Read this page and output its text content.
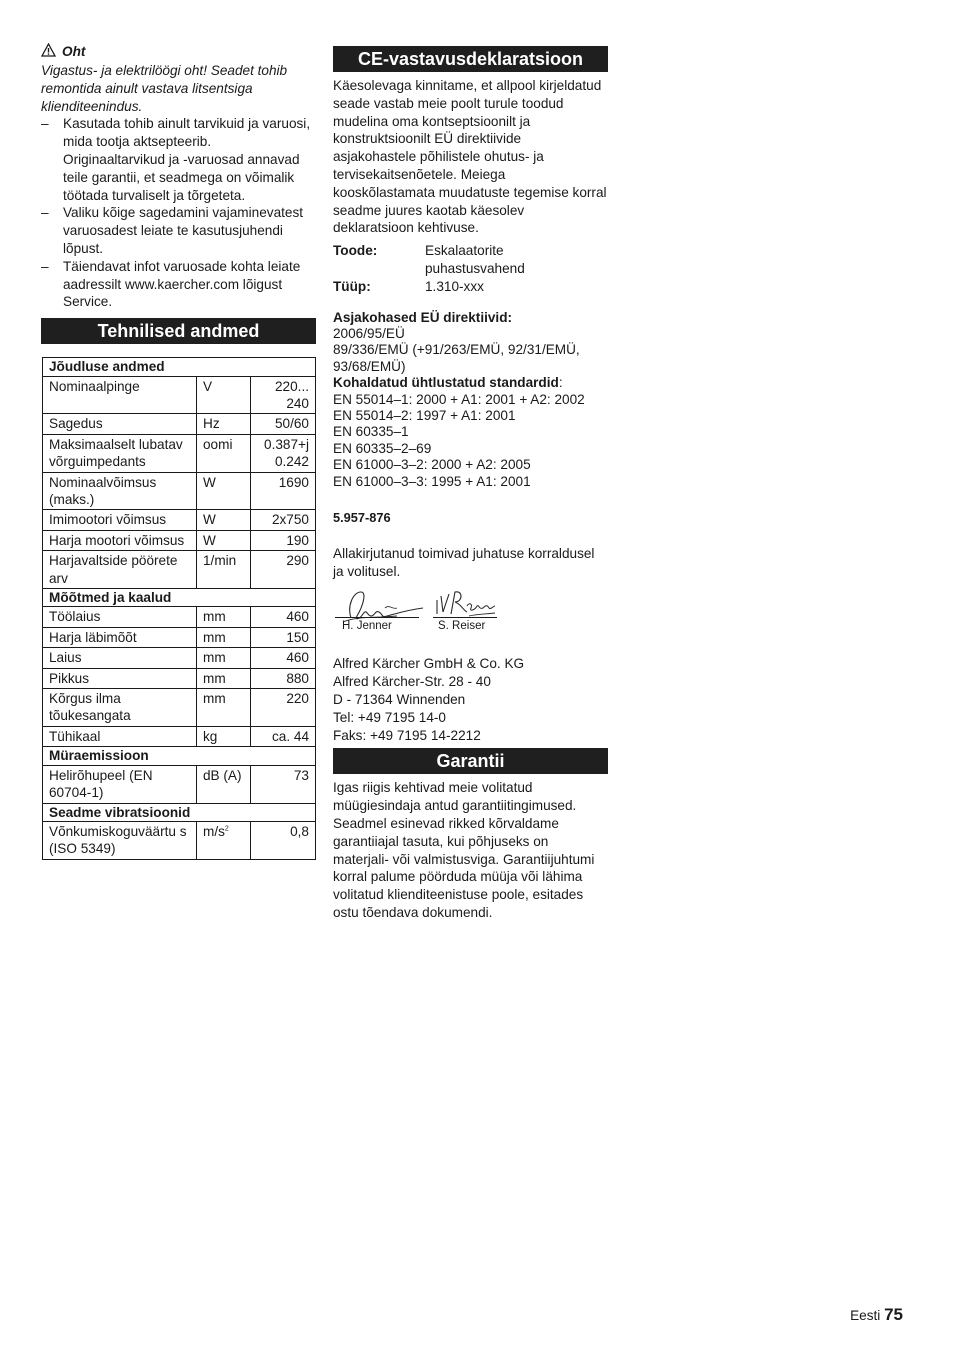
Oht

Vigastus- ja elektrilöögi oht! Seadet tohib remontida ainult vastava litsentsiga klienditeenindus.

– Kasutada tohib ainult tarvikuid ja varuosi, mida tootja aktsepteerib. Originaaltarvikud ja -varuosad annavad teile garantii, et seadmega on võimalik töötada turvaliselt ja tõrgeteta.
– Valiku kõige sagedamini vajaminevatest varuosadest leiate te kasutusjuhendi lõpust.
– Täiendavat infot varuosade kohta leiate aadressilt www.kaercher.com lõigust Service.
Tehnilised andmed
Jõudluse andmed		
Nominaalpinge	V	220... 240
Sagedus	Hz	50/60
Maksimaalselt lubatav võrguimpedants	oomi	0.387+j 0.242
Nominaalvõimsus (maks.)	W	1690
Imimootori võimsus	W	2x750
Harja mootori võimsus	W	190
Harjavaltside pöörete arv	1/min	290
Mõõtmed ja kaalud		
Töölaius	mm	460
Harja läbimõõt	mm	150
Laius	mm	460
Pikkus	mm	880
Kõrgus ilma tõukesangata	mm	220
Tühikaal	kg	ca. 44
Müraemissioon		
Helirõhupeel (EN 60704-1)	dB (A)	73
Seadme vibratsioonid		
Võnkumiskoguväärtu s (ISO 5349)	$m/s^2$	0,8
CE-vastavusdeklaratsioon

Käesolevaga kinnitame, et allpool kirjeldatud seade vastab meie poolt turule toodud mudelina oma kontseptsioonilt ja konstruktsioonilt EÜ direktiivide asjakohastele põhilistele ohutus- ja tervisekaitsenõetele. Meiega kooskõlastamata muudatuste tegemise korral seadme juures kaotab käesolev deklaratsioon kehtivuse.

Toode:	Eskalaatorite puhastusvahend
Tüüp:	1.310-xxx
Asjakohased EÜ direktiivid:
2006/95/EÜ
89/336/EMÜ (+91/263/EMÜ, 92/31/EMÜ, 93/68/EMÜ)
Kohaldatud ühtlustatud standardid:
EN 55014–1: 2000 + A1: 2001 + A2: 2002
EN 55014–2: 1997 + A1: 2001
EN 60335–1
EN 60335–2–69
EN 61000–3–2: 2000 + A2: 2005
EN 61000–3–3: 1995 + A1: 2001
5.957-876

Allakirjutanud toimivad juhatuse korraldusel ja volitusel.

H. Jenner	S. Reiser
Alfred Kärcher GmbH & Co. KG
Alfred Kärcher-Str. 28 - 40
D - 71364 Winnenden
Tel: +49 7195 14-0
Faks: +49 7195 14-2212
Garantii

Igas riigis kehtivad meie volitatud müügiesindaja antud garantiitingimused. Seadmel esinevad rikked kõrvaldame garantiiajal tasuta, kui põhjuseks on materjali- või valmistusviga. Garantiijuhtumi korral palume pöörduda müüja või lähima volitatud klienditeenistuse poole, esitades ostu tõendava dokumendi.

Eesti 75
